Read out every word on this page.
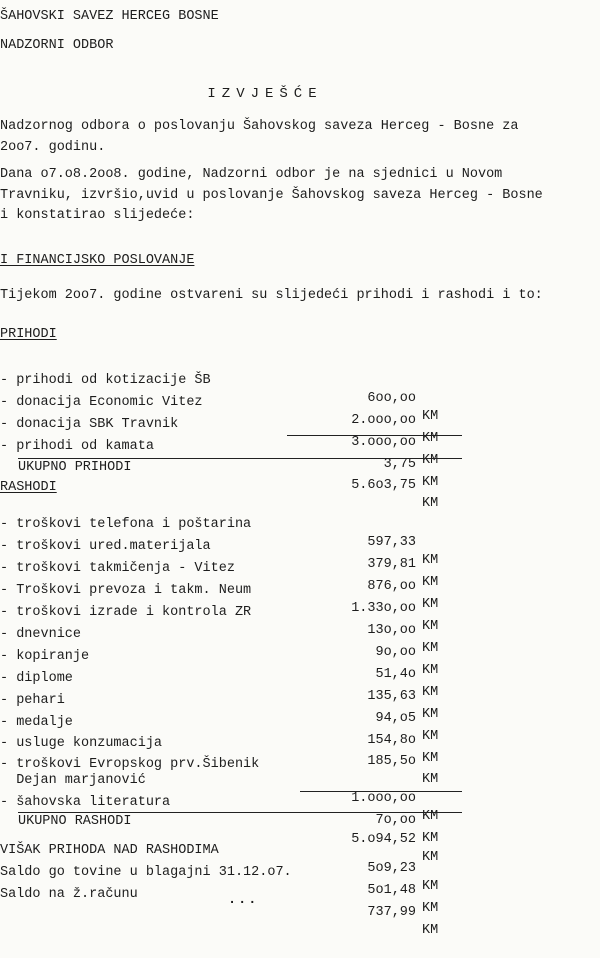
ŠAHOVSKI SAVEZ HERCEG BOSNE
NADZORNI ODBOR
IZVJEŠĆE
Nadzornog odbora o poslovanju Šahovskog saveza Herceg - Bosne za
2oo7. godinu.
Dana o7.o8.2oo8. godine, Nadzorni odbor je na sjednici u Novom
Travniku, izvršio,uvid u poslovanje Šahovskog saveza Herceg - Bosne
i konstatirao slijedeće:
I FINANCIJSKO POSLOVANJE
Tijekom 2oo7. godine ostvareni su slijedeći prihodi i rashodi i to:
PRIHODI

- prihodi od kotizacije ŠB

6oo,oo

KM

- donacija Economic Vitez

2.ooo,oo

KM

- donacija SBK Travnik

3.ooo,oo

KM

- prihodi od kamata

3,75

KM

UKUPNO PRIHODI

5.6o3,75

KM

RASHODI

- troškovi telefona i poštarina

597,33

KM

- troškovi ured.materijala

379,81

KM

- troškovi takmičenja - Vitez

876,oo

KM

- Troškovi prevoza i takm. Neum

1.33o,oo

KM

- troškovi izrade i kontrola ZR

13o,oo

KM

- dnevnice

9o,oo

KM

- kopiranje

51,4o

KM

- diplome

135,63

KM

- pehari

94,o5

KM

- medalje

154,8o

KM

- usluge konzumacija

185,5o

KM

- troškovi Evropskog prv.Šibenik

Dejan marjanović

1.ooo,oo

KM

- šahovska literatura

7o,oo

KM

UKUPNO RASHODI

5.o94,52

KM

VIŠAK PRIHODA NAD RASHODIMA

5o9,23

KM

Saldo go tovine u blagajni 31.12.o7.

5o1,48

KM

Saldo na ž.računu

737,99

KM

...
